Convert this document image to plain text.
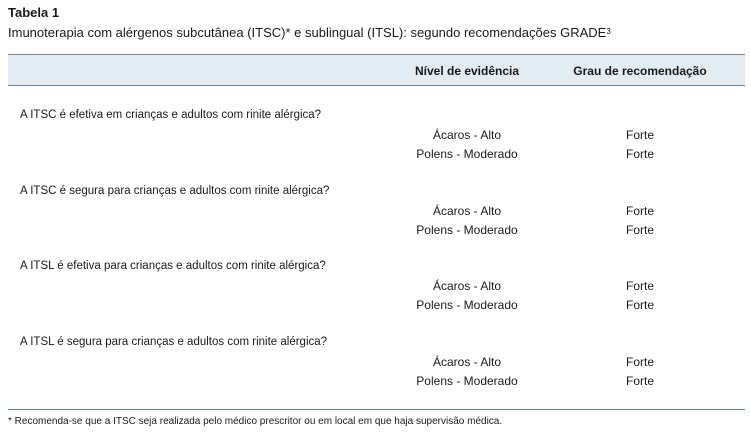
Tabela 1
Imunoterapia com alérgenos subcutânea (ITSC)* e sublingual (ITSL): segundo recomendações GRADE$^3$
Nível de evidência	Grau de recomendação
A ITSC é efetiva em crianças e adultos com rinite alérgica?
Ácaros - Alto	Forte
Polens - Moderado	Forte
A ITSC é segura para crianças e adultos com rinite alérgica?
Ácaros - Alto	Forte
Polens - Moderado	Forte
A ITSL é efetiva para crianças e adultos com rinite alérgica?
Ácaros - Alto	Forte
Polens - Moderado	Forte
A ITSL é segura para crianças e adultos com rinite alérgica?
Ácaros - Alto	Forte
Polens - Moderado	Forte
* Recomenda-se que a ITSC seja realizada pelo médico prescritor ou em local em que haja supervisão médica.
